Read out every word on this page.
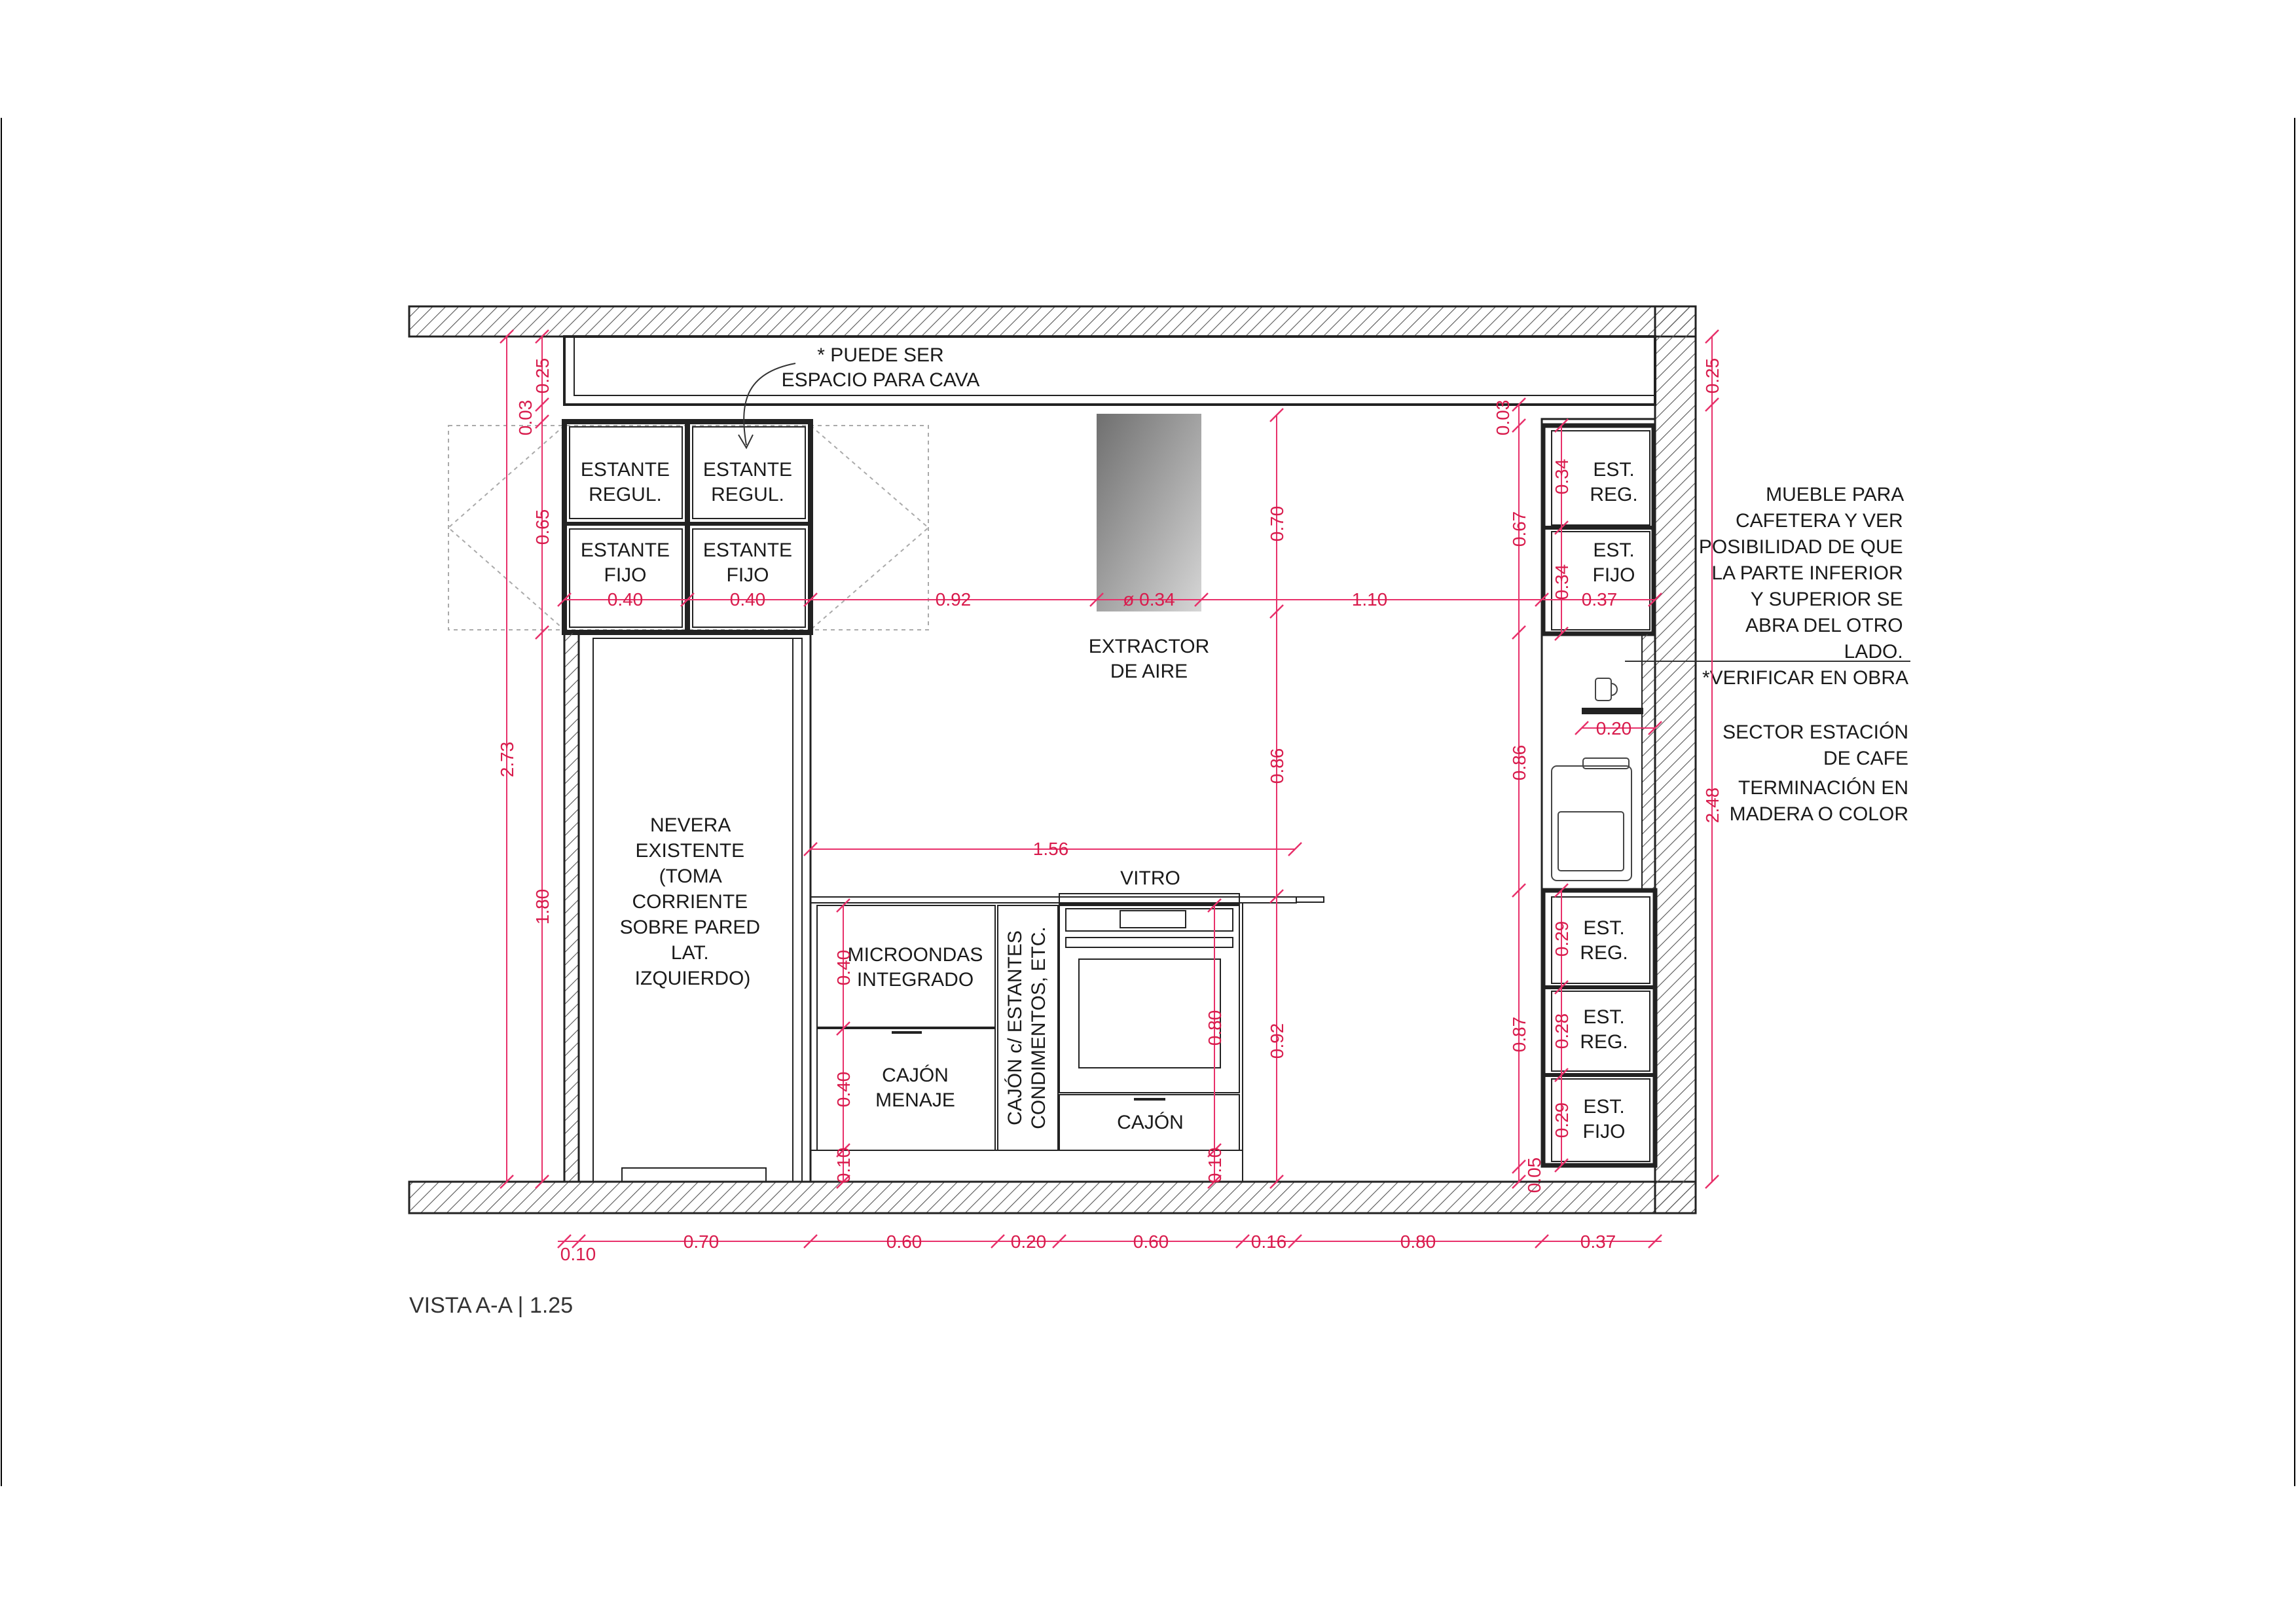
ESTANTE REGUL.
ESTANTE REGUL.
ESTANTE FIJO
ESTANTE FIJO
* PUEDE SER ESPACIO PARA CAVA
NEVERA EXISTENTE (TOMA CORRIENTE SOBRE PARED LAT. IZQUIERDO)
EXTRACTOR DE AIRE
MICROONDAS INTEGRADO
CAJÓN MENAJE	CAJÓN c/ ESTANTES CONDIMENTOS, ETC.
VITRO
CAJÓN
EST. REG.
EST. FIJO
EST. REG.
EST. REG.
EST. FIJO
MUEBLE PARA CAFETERA Y VER POSIBILIDAD DE QUE LA PARTE INFERIOR Y SUPERIOR SE ABRA DEL OTRO LADO. *VERIFICAR EN OBRA
SECTOR ESTACIÓN DE CAFE
TERMINACIÓN EN MADERA O COLOR
2.73
0.25
0.03
0.65
1.80
0.40	0.40	0.92	ø 0.34	1.10
0.70
0.86
0.92
1.56
0.40
0.40
0.10
0.80
0.10
0.03
0.67
0.86
0.87
0.05
0.34
0.34 0.37
0.20
0.29
0.28
0.29
2.48
0.25
0.10
0.70	0.60	0.20	0.60	0.16	0.80	0.37
VISTA A-A | 1.25
